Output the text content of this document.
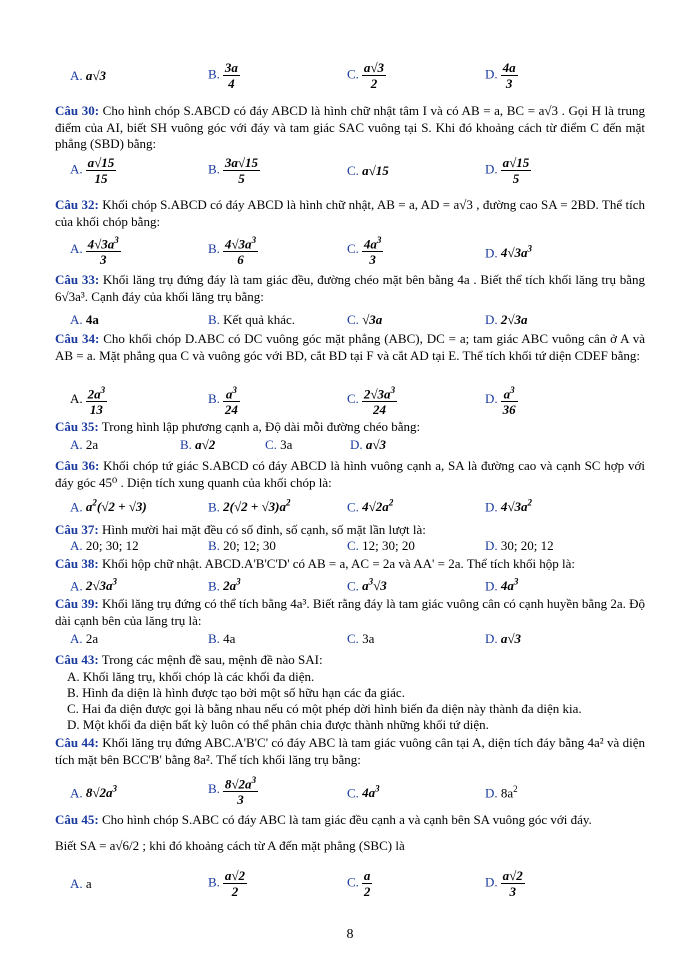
A. a√3	B. $\frac{3a}{4}$	C. $\frac{a√3}{2}$	D. $\frac{4a}{3}$
Câu 30: Cho hình chóp S.ABCD có đáy ABCD là hình chữ nhật tâm I và có AB = a, BC = a√3 . Gọi H là trung điểm của AI, biết SH vuông góc với đáy và tam giác SAC vuông tại S. Khi đó khoảng cách từ điểm C đến mặt phẳng (SBD) bằng:
A. $\frac{a√15}{15}$	B. $\frac{3a√15}{5}$	C. a√15	D. $\frac{a√15}{5}$
Câu 32: Khối chóp S.ABCD có đáy ABCD là hình chữ nhật, AB = a, AD = a√3 , đường cao SA = 2BD. Thể tích của khối chóp bằng:
A. $\frac{4√3a^3}{3}$	B. $\frac{4√3a^3}{6}$	C. $\frac{4a^3}{3}$	D. $4√3a^3$
Câu 33: Khối lăng trụ đứng đáy là tam giác đều, đường chéo mặt bên bằng 4a . Biết thể tích khối lăng trụ bằng 6√3a³. Cạnh đáy của khối lăng trụ bằng:
A. 4a	B. Kết quả khác.	C. √3a	D. 2√3a
Câu 34: Cho khối chóp D.ABC có DC vuông góc mặt phẳng (ABC), DC = a; tam giác ABC vuông cân ở A và AB = a. Mặt phẳng qua C và vuông góc với BD, cắt BD tại F và cắt AD tại E. Thể tích khối tứ diện CDEF bằng:
A. $\frac{2a^3}{13}$	B. $\frac{a^3}{24}$	C. $\frac{2√3a^3}{24}$	D. $\frac{a^3}{36}$
Câu 35: Trong hình lập phương cạnh a, Độ dài mỗi đường chéo bằng:
A. 2a	B. a√2	C. 3a	D. a√3
Câu 36: Khối chóp tứ giác S.ABCD có đáy ABCD là hình vuông cạnh a, SA là đường cao và cạnh SC hợp với đáy góc 45⁰ . Diện tích xung quanh của khối chóp là:
A. $a^2(√2 + √3)$	B. $2(√2 + √3)a^2$	C. $4√2a^2$	D. $4√3a^2$
Câu 37: Hình mười hai mặt đều có số đỉnh, số cạnh, số mặt lần lượt là:
A. 20; 30; 12	B. 20; 12; 30	C. 12; 30; 20	D. 30; 20; 12
Câu 38: Khối hộp chữ nhật. ABCD.A'B'C'D' có AB = a, AC = 2a và AA' = 2a. Thể tích khối hộp là:
A. $2√3a^3$	B. $2a^3$	C. $a^3√3$	D. $4a^3$
Câu 39: Khối lăng trụ đứng có thể tích bằng 4a³. Biết rằng đáy là tam giác vuông cân có cạnh huyền bằng 2a. Độ dài cạnh bên của lăng trụ là:
A. 2a	B. 4a	C. 3a	D. a√3
Câu 43: Trong các mệnh đề sau, mệnh đề nào SAI:
A. Khối lăng trụ, khối chóp là các khối đa diện.
B. Hình đa diện là hình được tạo bởi một số hữu hạn các đa giác.
C. Hai đa diện được gọi là bằng nhau nếu có một phép dời hình biến đa diện này thành đa diện kia.
D. Một khối đa diện bất kỳ luôn có thể phân chia được thành những khối tứ diện.
Câu 44: Khối lăng trụ đứng ABC.A'B'C' có đáy ABC là tam giác vuông cân tại A, diện tích đáy bằng 4a² và diện tích mặt bên BCC'B' bằng 8a². Thể tích khối lăng trụ bằng:
A. $8√2a^3$	B. $\frac{8√2a^3}{3}$	C. $4a^3$	D. $8a^2$
Câu 45: Cho hình chóp S.ABC có đáy ABC là tam giác đều cạnh a và cạnh bên SA vuông góc với đáy.
Biết SA = a√6/2 ; khi đó khoảng cách từ A đến mặt phẳng (SBC) là
A. a	B. $\frac{a√2}{2}$	C. $\frac{a}{2}$	D. $\frac{a√2}{3}$
8
